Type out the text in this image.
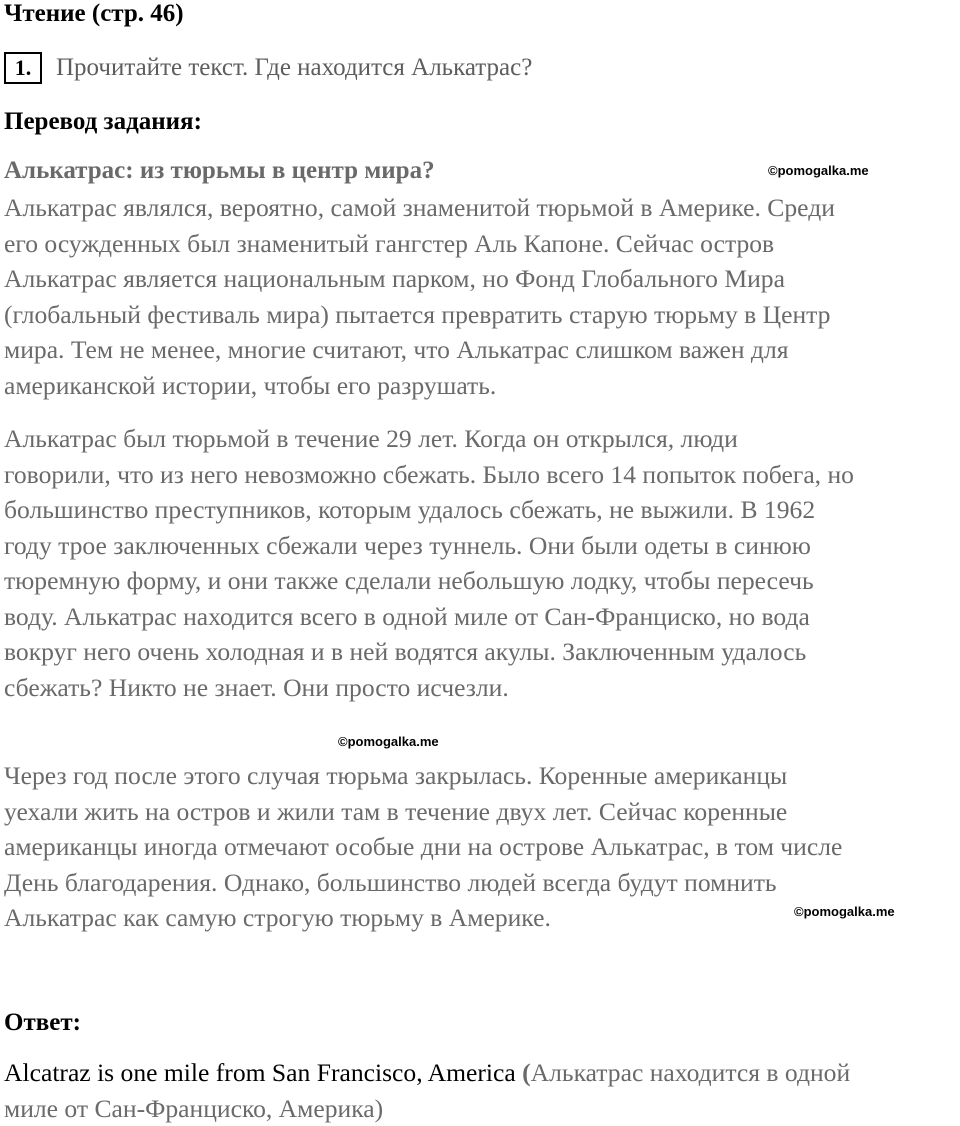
Чтение (стр. 46)
1. Прочитайте текст. Где находится Алькатрас?
Перевод задания:
Алькатрас: из тюрьмы в центр мира?	©pomogalka.me

Алькатрас являлся, вероятно, самой знаменитой тюрьмой в Америке. Среди
его осужденных был знаменитый гангстер Аль Капоне. Сейчас остров
Алькатрас является национальным парком, но Фонд Глобального Мира
(глобальный фестиваль мира) пытается превратить старую тюрьму в Центр
мира. Тем не менее, многие считают, что Алькатрас слишком важен для
американской истории, чтобы его разрушать.

Алькатрас был тюрьмой в течение 29 лет. Когда он открылся, люди
говорили, что из него невозможно сбежать. Было всего 14 попыток побега, но
большинство преступников, которым удалось сбежать, не выжили. В 1962
году трое заключенных сбежали через туннель. Они были одеты в синюю
тюремную форму, и они также сделали небольшую лодку, чтобы пересечь
воду. Алькатрас находится всего в одной миле от Сан-Франциско, но вода
вокруг него очень холодная и в ней водятся акулы. Заключенным удалось
сбежать? Никто не знает. Они просто исчезли.

©pomogalka.me

Через год после этого случая тюрьма закрылась. Коренные американцы
уехали жить на остров и жили там в течение двух лет. Сейчас коренные
американцы иногда отмечают особые дни на острове Алькатрас, в том числе
День благодарения. Однако, большинство людей всегда будут помнить
Алькатрас как самую строгую тюрьму в Америке.	©pomogalka.me
Ответ:

Alcatraz is one mile from San Francisco, America (Алькатрас находится в одной
миле от Сан-Франциско, Америка)
